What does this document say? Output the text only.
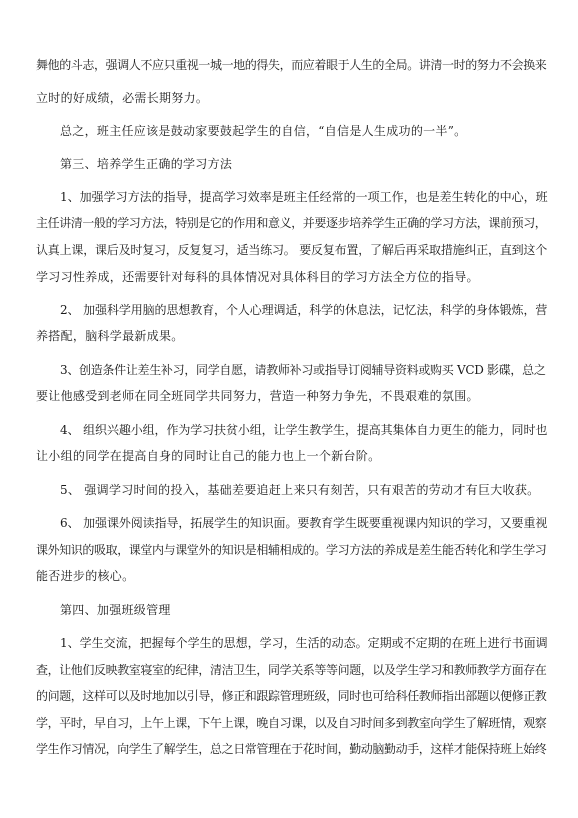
舞他的斗志，强调人不应只重视一城一地的得失，而应着眼于人生的全局。讲清一时的努力不会换来
立时的好成绩，必需长期努力。
总之，班主任应该是鼓动家要鼓起学生的自信，“自信是人生成功的一半”。
第三、培养学生正确的学习方法
1、加强学习方法的指导，提高学习效率是班主任经常的一项工作，也是差生转化的中心，班
主任讲清一般的学习方法，特别是它的作用和意义，并要逐步培养学生正确的学习方法，课前预习，
认真上课，课后及时复习，反复复习，适当练习。 要反复布置，了解后再采取措施纠正，直到这个
学习习性养成，还需要针对每科的具体情况对具体科目的学习方法全方位的指导。
2、 加强科学用脑的思想教育，个人心理调适，科学的休息法，记忆法，科学的身体锻炼，营
养搭配，脑科学最新成果。
3、创造条件让差生补习，同学自愿，请教师补习或指导订阅辅导资料或购买 VCD 影碟，总之
要让他感受到老师在同全班同学共同努力，营造一种努力争先，不畏艰难的氛围。
4、 组织兴趣小组，作为学习扶贫小组，让学生教学生，提高其集体自力更生的能力，同时也
让小组的同学在提高自身的同时让自己的能力也上一个新台阶。
5、 强调学习时间的投入，基础差要追赶上来只有刻苦，只有艰苦的劳动才有巨大收获。
6、 加强课外阅读指导，拓展学生的知识面。要教育学生既要重视课内知识的学习，又要重视
课外知识的吸取，课堂内与课堂外的知识是相辅相成的。学习方法的养成是差生能否转化和学生学习
能否进步的核心。
第四、加强班级管理
1、学生交流，把握每个学生的思想，学习，生活的动态。定期或不定期的在班上进行书面调
查，让他们反映教室寝室的纪律，清洁卫生，同学关系等等问题，以及学生学习和教师教学方面存在
的问题，这样可以及时地加以引导，修正和跟踪管理班级，同时也可给科任教师指出部题以便修正教
学，平时，早自习，上午上课，下午上课，晚自习课，以及自习时间多到教室向学生了解班情，观察
学生作习情况，向学生了解学生，总之日常管理在于花时间，勤动脑勤动手，这样才能保持班上始终
